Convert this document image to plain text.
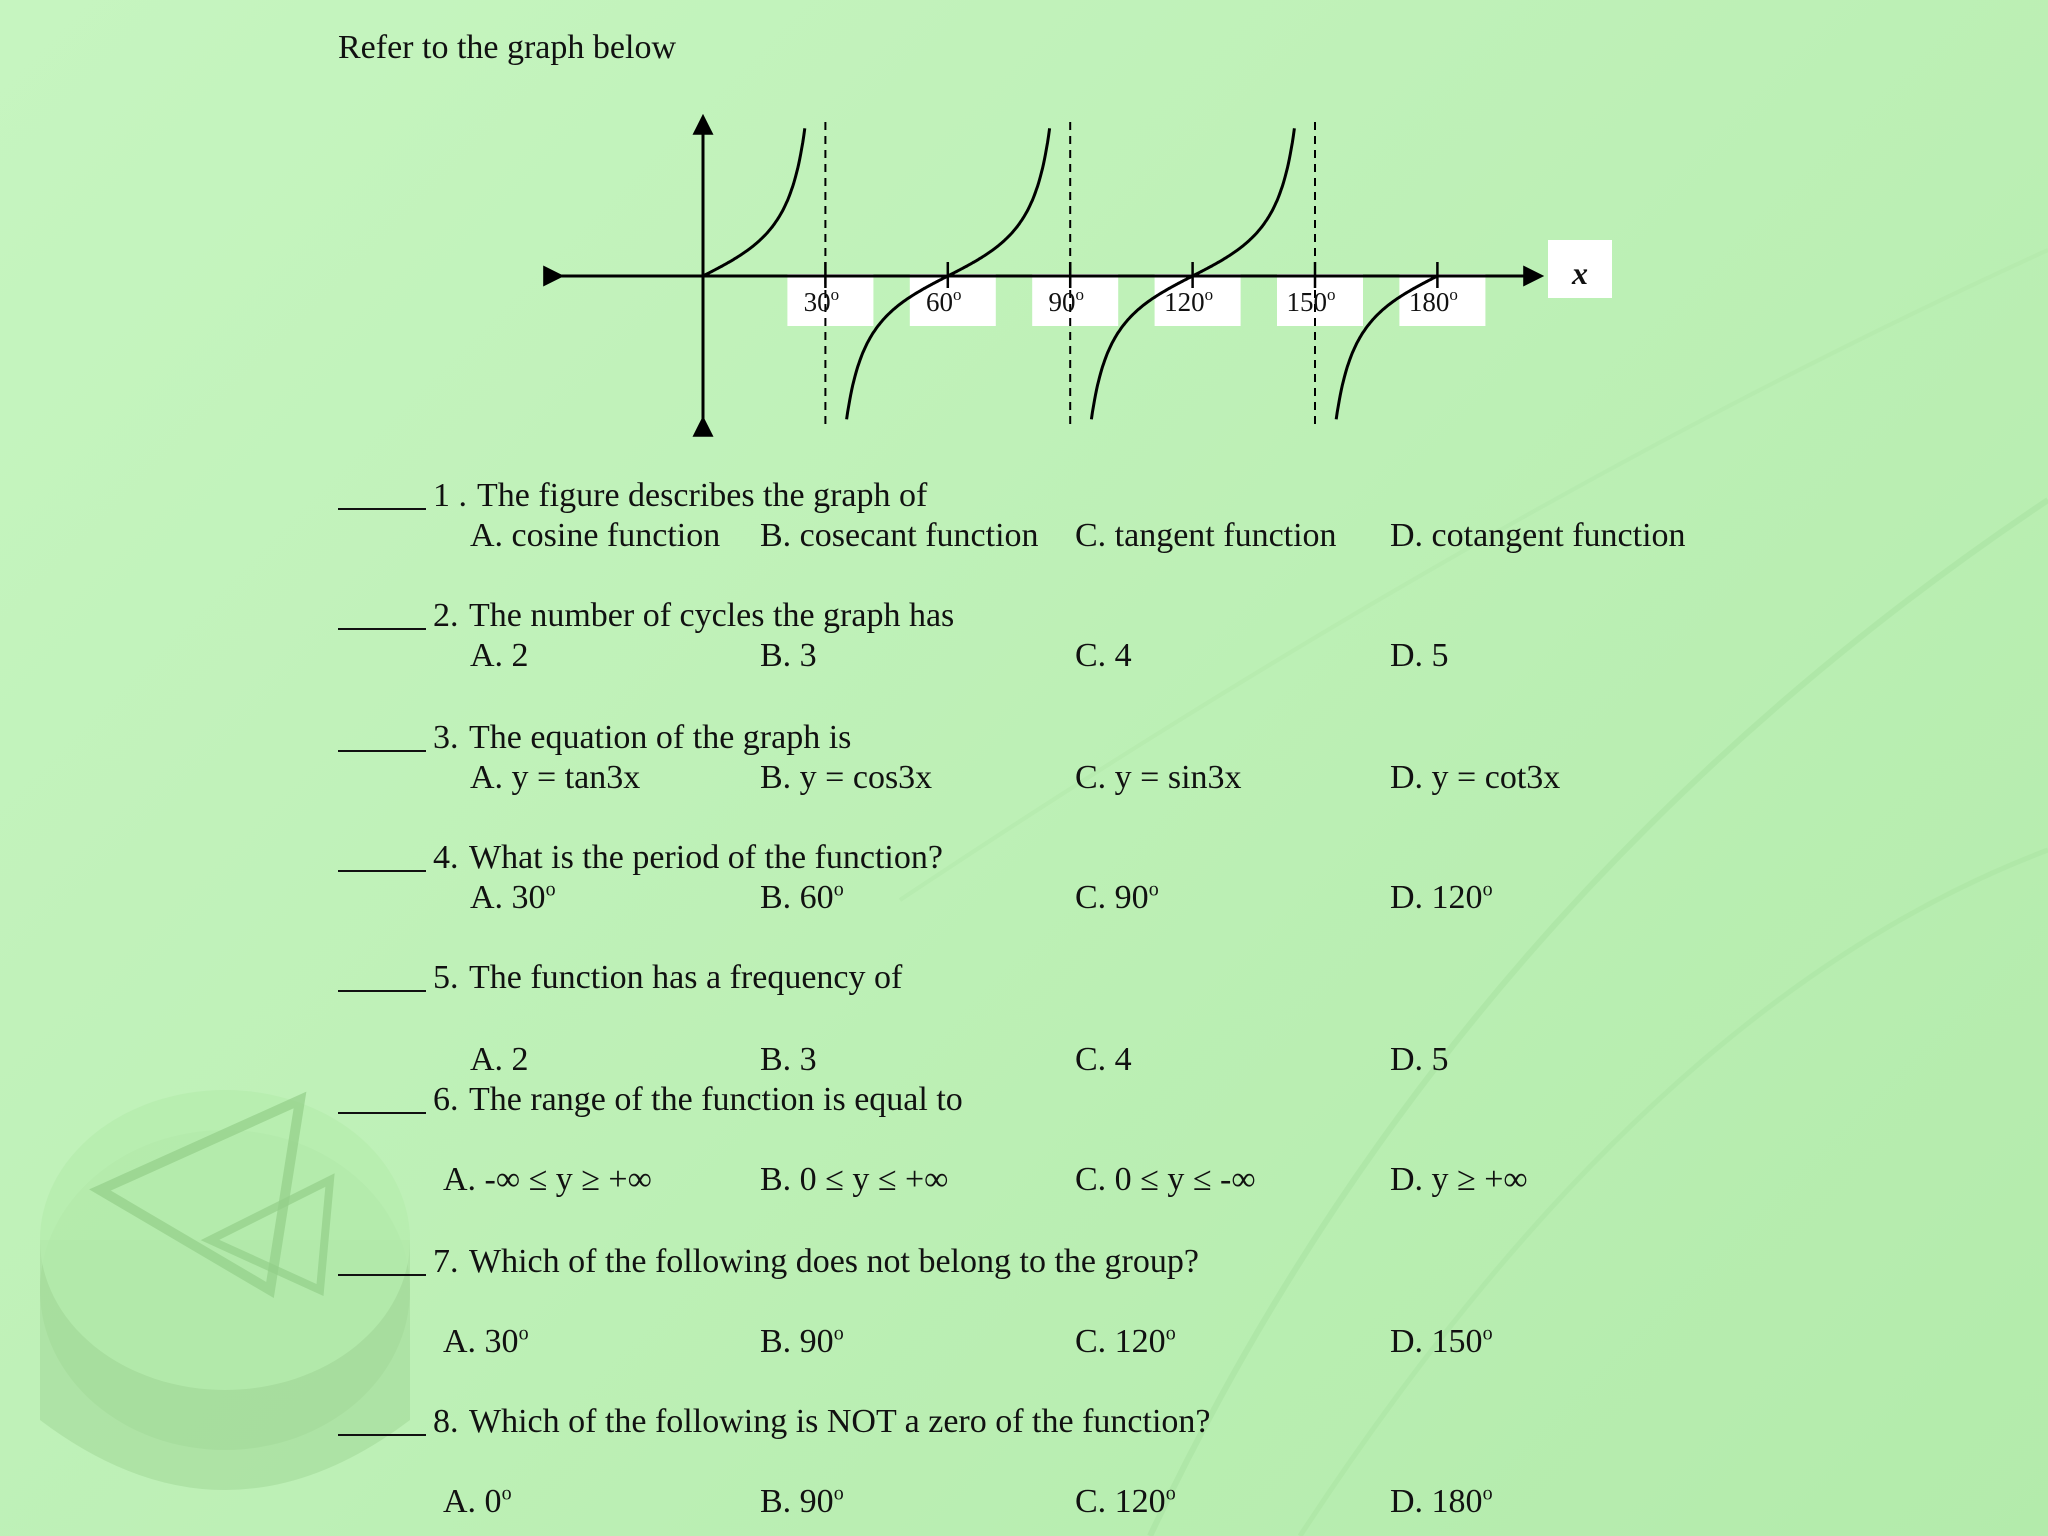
Refer to the graph below
30$^o$	60$^o$	90$^o$	120$^o$	150$^o$	180$^o$
x
1 . The figure describes the graph of
A. cosine function B. cosecant function C. tangent function D. cotangent function
2. The number of cycles the graph has
A. 2	B. 3	C. 4	D. 5
3. The equation of the graph is
A. y = tan3x	B. y = cos3x	C. y = sin3x	D. y = cot3x
4. What is the period of the function?
A. 30$^o$	B. 60$^o$	C. 90$^o$	D. 120$^o$
5. The function has a frequency of
A. 2	B. 3	C. 4	D. 5
6. The range of the function is equal to
A. -∞ ≤ y ≥ +∞	B. 0 ≤ y ≤ +∞	C. 0 ≤ y ≤ -∞	D. y ≥ +∞
7. Which of the following does not belong to the group?
A. 30$^o$	B. 90$^o$	C. 120$^o$	D. 150$^o$
8. Which of the following is NOT a zero of the function?
A. 0$^o$	B. 90$^o$	C. 120$^o$	D. 180$^o$
